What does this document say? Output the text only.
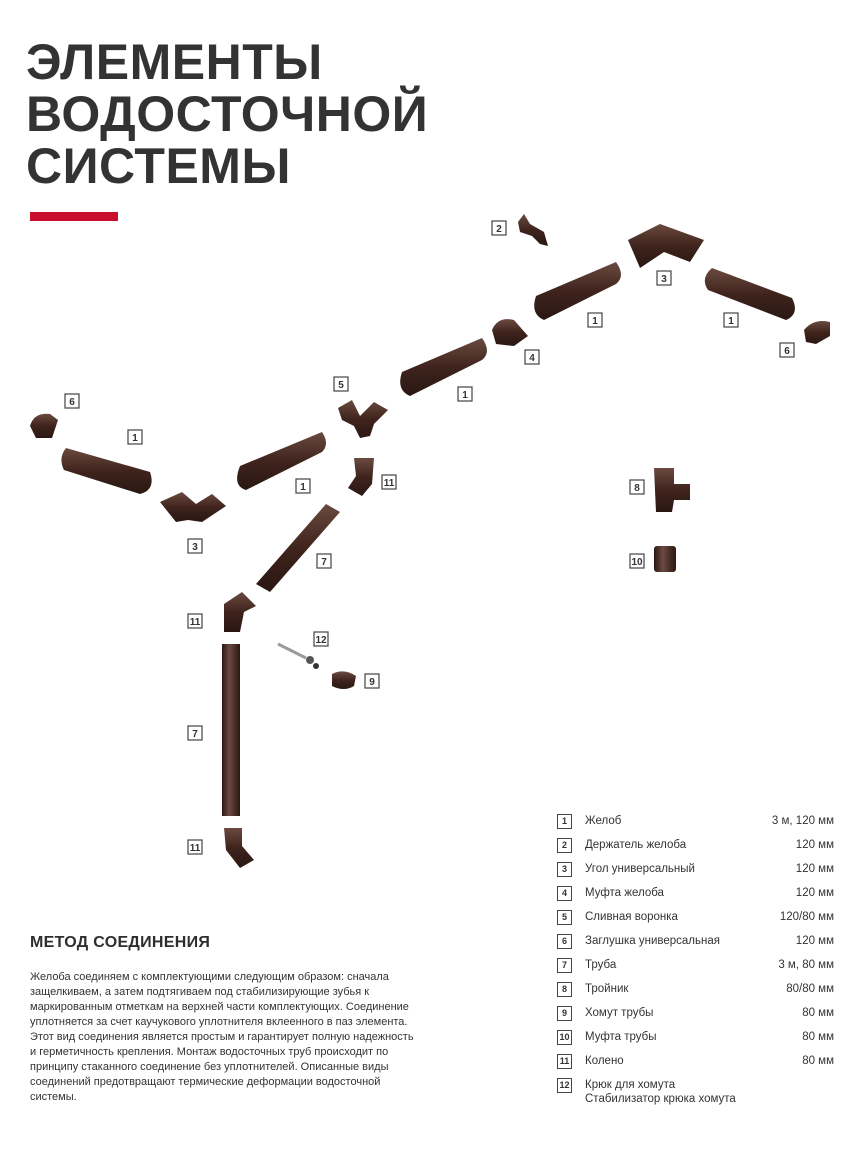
ЭЛЕМЕНТЫ
ВОДОСТОЧНОЙ
СИСТЕМЫ
2
3
1	1
4
6
5
1
6
1
1
3
11	8
7	10
11
12
9
7
11
МЕТОД СОЕДИНЕНИЯ

Желоба соединяем с комплектующими следующим образом: сначала защелкиваем, а затем подтягиваем под стабилизирующие зубья к маркированным отметкам на верхней части комплектующих. Соединение уплотняется за счет каучукового уплотнителя вклеенного в паз элемента. Этот вид соединения является простым и гарантирует полную надежность и герметичность крепления. Монтаж водосточных труб происходит по принципу стаканного соединение без уплотнителей. Описанные виды соединений предотвращают термические деформации водосточной системы.

1	Желоб	3 м, 120 мм
2	Держатель желоба	120 мм
3	Угол универсальный	120 мм
4	Муфта желоба	120 мм
5	Сливная воронка	120/80 мм
6	Заглушка универсальная	120 мм
7	Труба	3 м, 80 мм
8	Тройник	80/80 мм
9	Хомут трубы	80 мм
10 Муфта трубы	80 мм
11 Колено	80 мм
12 Крюк для хомута
Стабилизатор крюка хомута
